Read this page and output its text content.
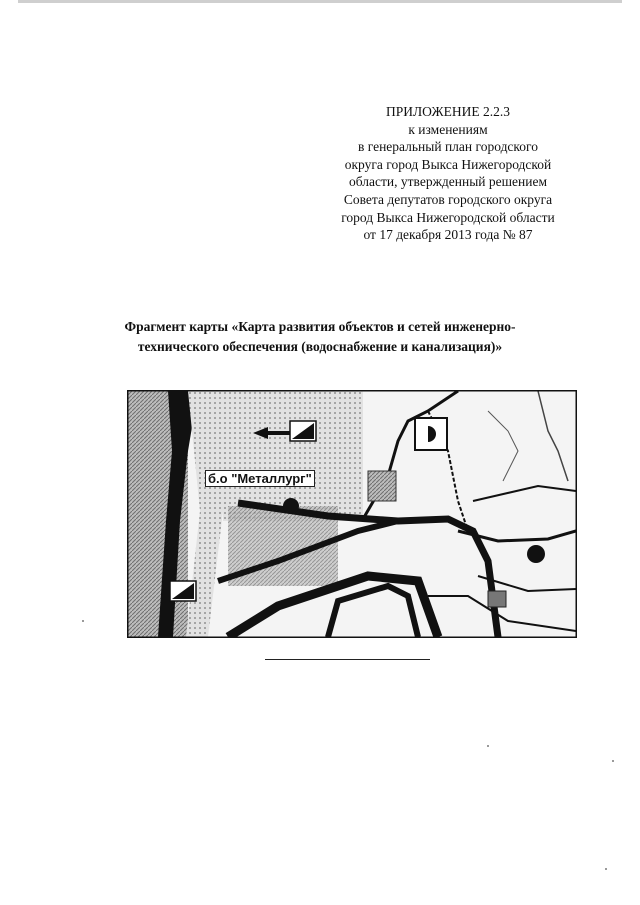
ПРИЛОЖЕНИЕ 2.2.3
к изменениям
в генеральный план городского
округа город Выкса Нижегородской
области, утвержденный решением
Совета депутатов городского округа
город Выкса Нижегородской области
от 17 декабря 2013 года № 87
Фрагмент карты «Карта развития объектов и сетей инженерно-
технического обеспечения (водоснабжение и канализация)»
б.о "Металлург"
